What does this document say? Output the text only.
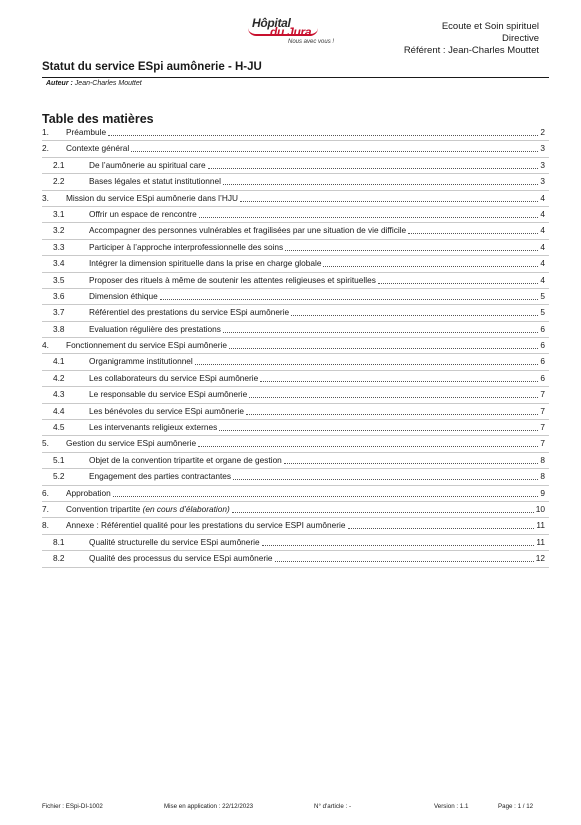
Hôpital
du Jura
Nous avec vous !
Ecoute et Soin spirituel
Directive
Référent : Jean-Charles Mouttet
Statut du service ESpi aumônerie - H-JU
Auteur : Jean-Charles Mouttet
Table des matières
1. Préambule	2
2. Contexte général	3
2.1	De l’aumônerie au spiritual care	3
2.2	Bases légales et statut institutionnel	3
3. Mission du service ESpi aumônerie dans l’HJU	4
3.1	Offrir un espace de rencontre	4
3.2	Accompagner des personnes vulnérables et fragilisées par une situation de vie difficile	4
3.3	Participer à l’approche interprofessionnelle des soins	4
3.4	Intégrer la dimension spirituelle dans la prise en charge globale	4
3.5	Proposer des rituels à même de soutenir les attentes religieuses et spirituelles	4
3.6	Dimension éthique	5
3.7	Référentiel des prestations du service ESpi aumônerie	5
3.8	Evaluation régulière des prestations	6
4. Fonctionnement du service ESpi aumônerie	6
4.1	Organigramme institutionnel	6
4.2	Les collaborateurs du service ESpi aumônerie	6
4.3	Le responsable du service ESpi aumônerie	7
4.4	Les bénévoles du service ESpi aumônerie	7
4.5	Les intervenants religieux externes	7
5. Gestion du service ESpi aumônerie	7
5.1	Objet de la convention tripartite et organe de gestion	8
5.2	Engagement des parties contractantes	8
6. Approbation	9
7. Convention tripartite (en cours d’élaboration)	10
8. Annexe : Référentiel qualité pour les prestations du service ESPI aumônerie	11
8.1	Qualité structurelle du service ESpi aumônerie	11
8.2	Qualité des processus du service ESpi aumônerie	12
Fichier : ESpi-DI-1002	Mise en application : 22/12/2023	N° d'article : -	Version : 1.1	Page : 1 / 12
